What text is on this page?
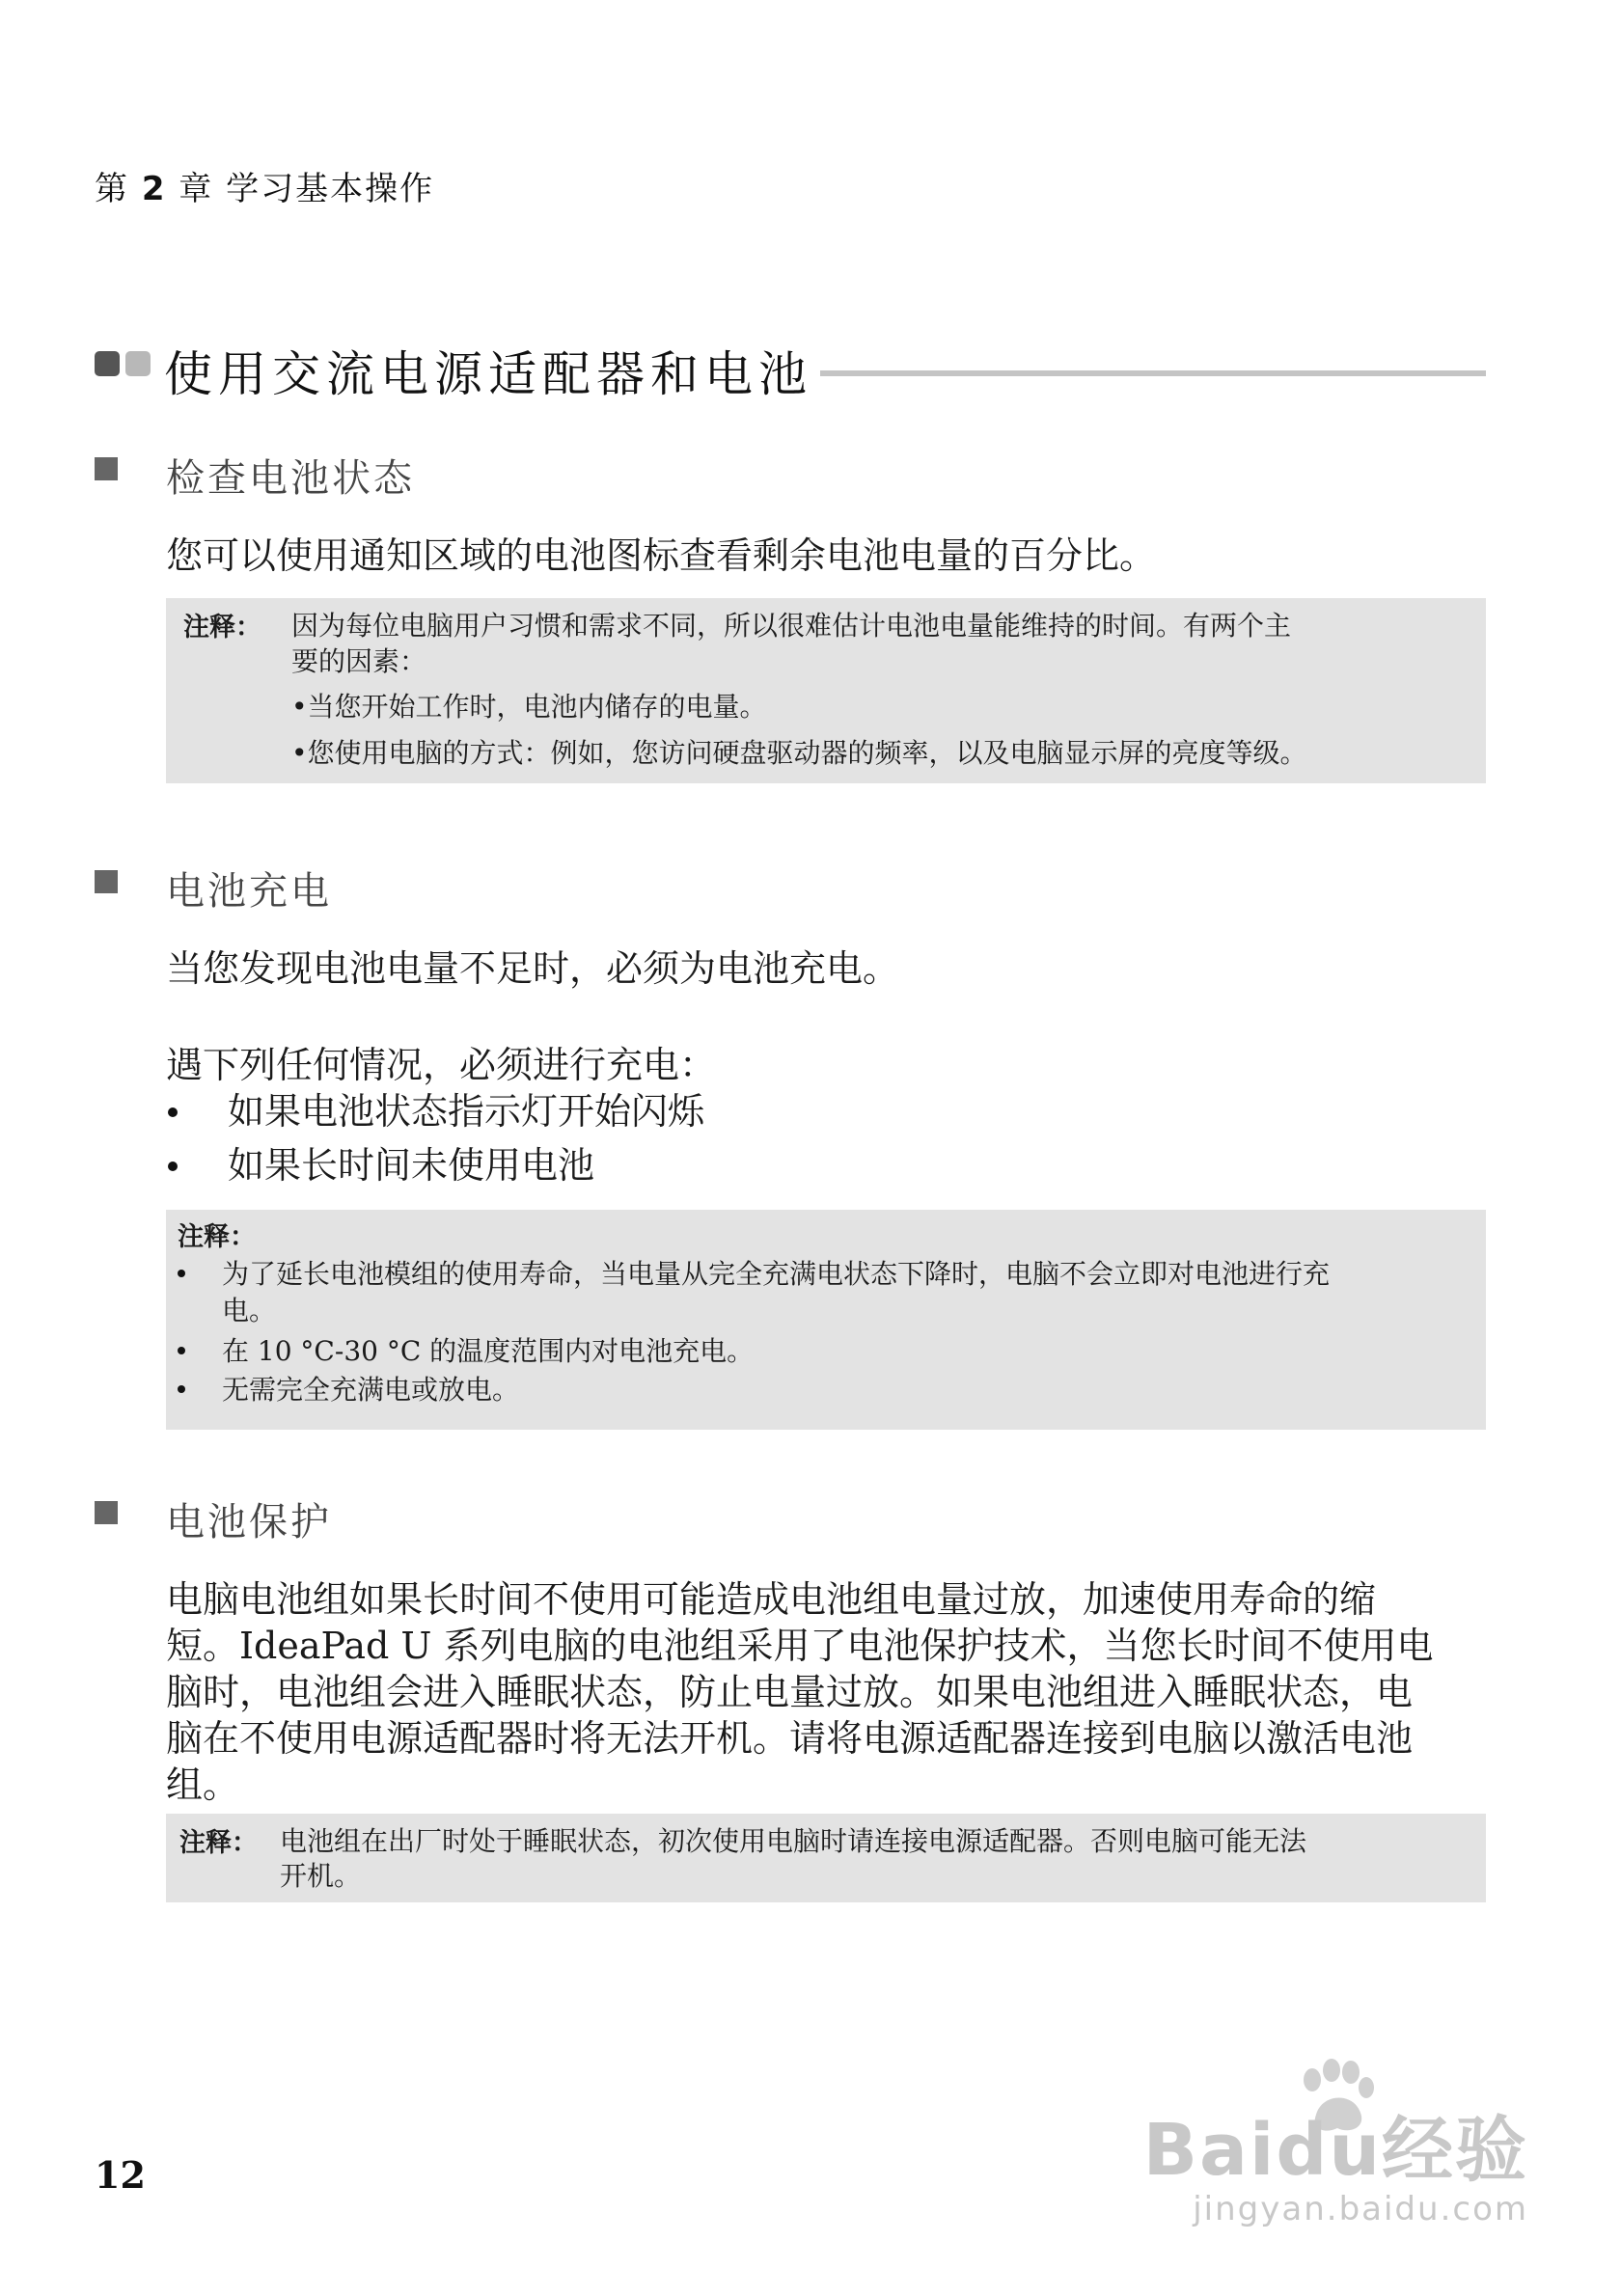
第 2 章 学习基本操作
使用交流电源适配器和电池
检查电池状态
您可以使用通知区域的电池图标查看剩余电池电量的百分比。
注释： 因为每位电脑用户习惯和需求不同，所以很难估计电池电量能维持的时间。有两个主
要的因素：
•当您开始工作时，电池内储存的电量。
•您使用电脑的方式：例如，您访问硬盘驱动器的频率，以及电脑显示屏的亮度等级。
电池充电
当您发现电池电量不足时，必须为电池充电。
遇下列任何情况，必须进行充电：
如果电池状态指示灯开始闪烁
如果长时间未使用电池
注释：
为了延长电池模组的使用寿命，当电量从完全充满电状态下降时，电脑不会立即对电池进行充
电。
在 10 °C-30 °C 的温度范围内对电池充电。
无需完全充满电或放电。
电池保护
电脑电池组如果长时间不使用可能造成电池组电量过放，加速使用寿命的缩
短。IdeaPad U 系列电脑的电池组采用了电池保护技术，当您长时间不使用电
脑时，电池组会进入睡眠状态，防止电量过放。如果电池组进入睡眠状态，电
脑在不使用电源适配器时将无法开机。请将电源适配器连接到电脑以激活电池
组。
注释： 电池组在出厂时处于睡眠状态，初次使用电脑时请连接电源适配器。否则电脑可能无法
开机。
12	Baidu经验
jingyan.baidu.com
